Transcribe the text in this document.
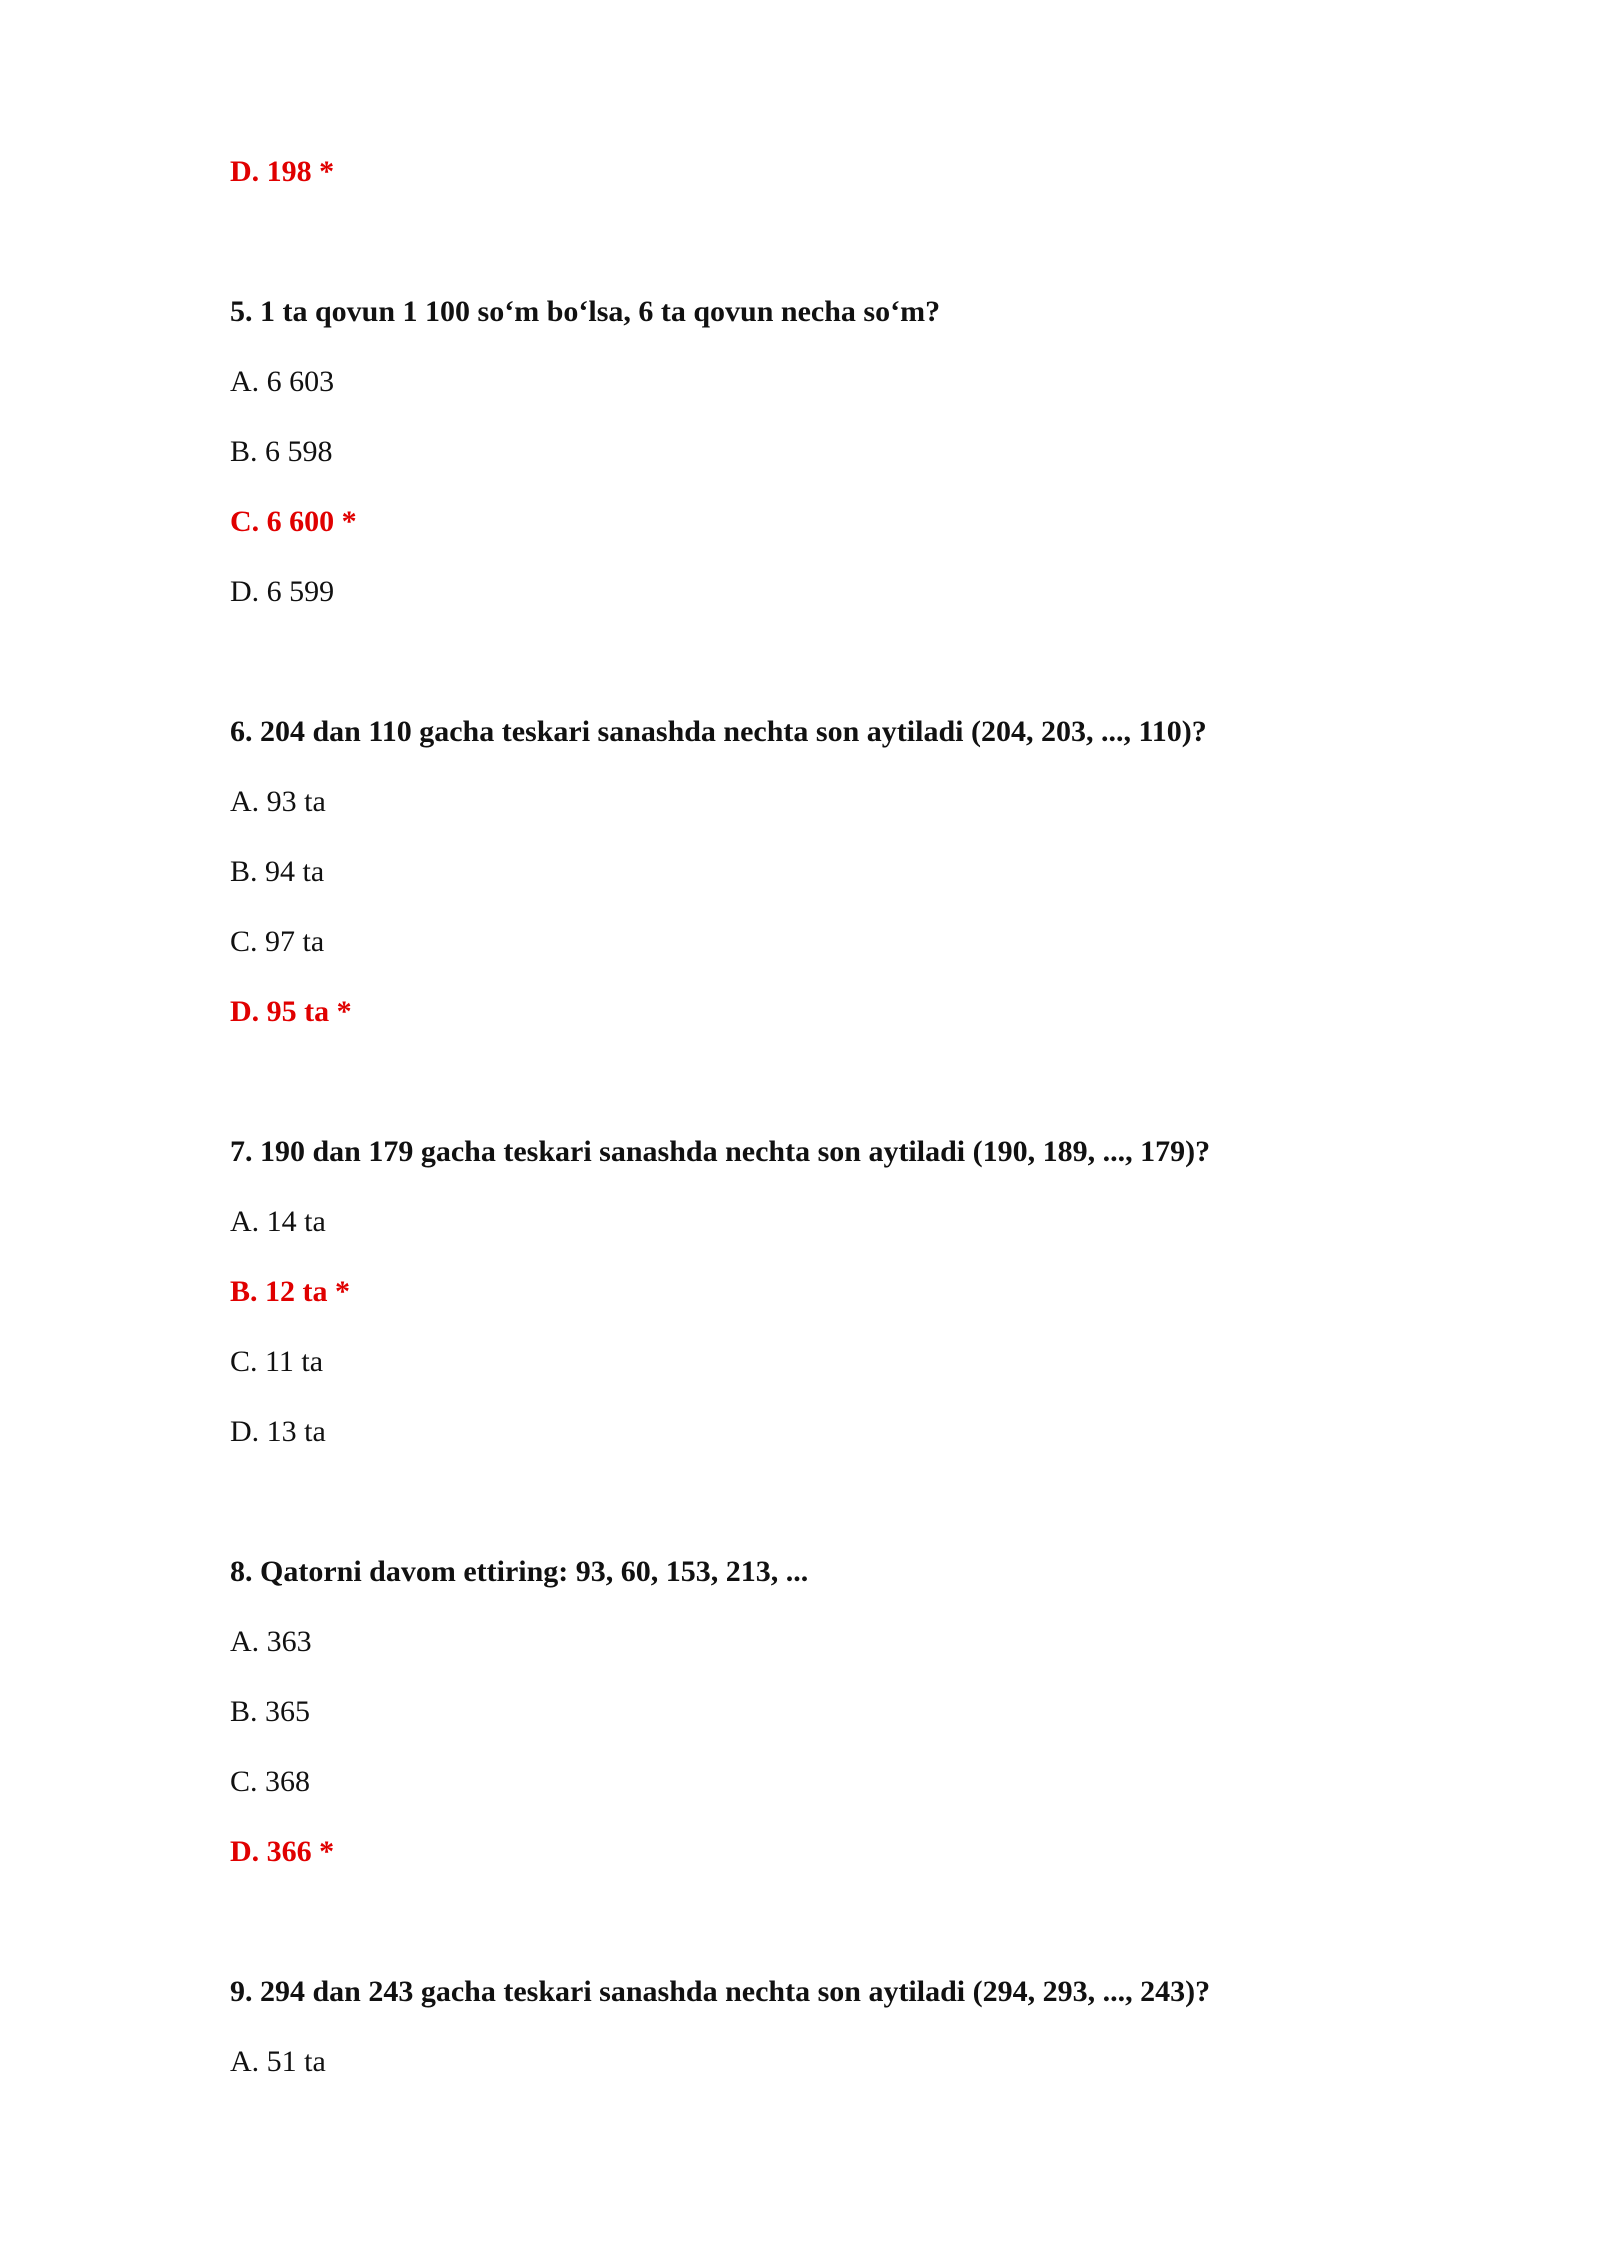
D. 198 *
5. 1 ta qovun 1 100 so‘m bo‘lsa, 6 ta qovun necha so‘m?
A. 6 603
B. 6 598
C. 6 600 *
D. 6 599
6. 204 dan 110 gacha teskari sanashda nechta son aytiladi (204, 203, ..., 110)?
A. 93 ta
B. 94 ta
C. 97 ta
D. 95 ta *
7. 190 dan 179 gacha teskari sanashda nechta son aytiladi (190, 189, ..., 179)?
A. 14 ta
B. 12 ta *
C. 11 ta
D. 13 ta
8. Qatorni davom ettiring: 93, 60, 153, 213, ...
A. 363
B. 365
C. 368
D. 366 *
9. 294 dan 243 gacha teskari sanashda nechta son aytiladi (294, 293, ..., 243)?
A. 51 ta
